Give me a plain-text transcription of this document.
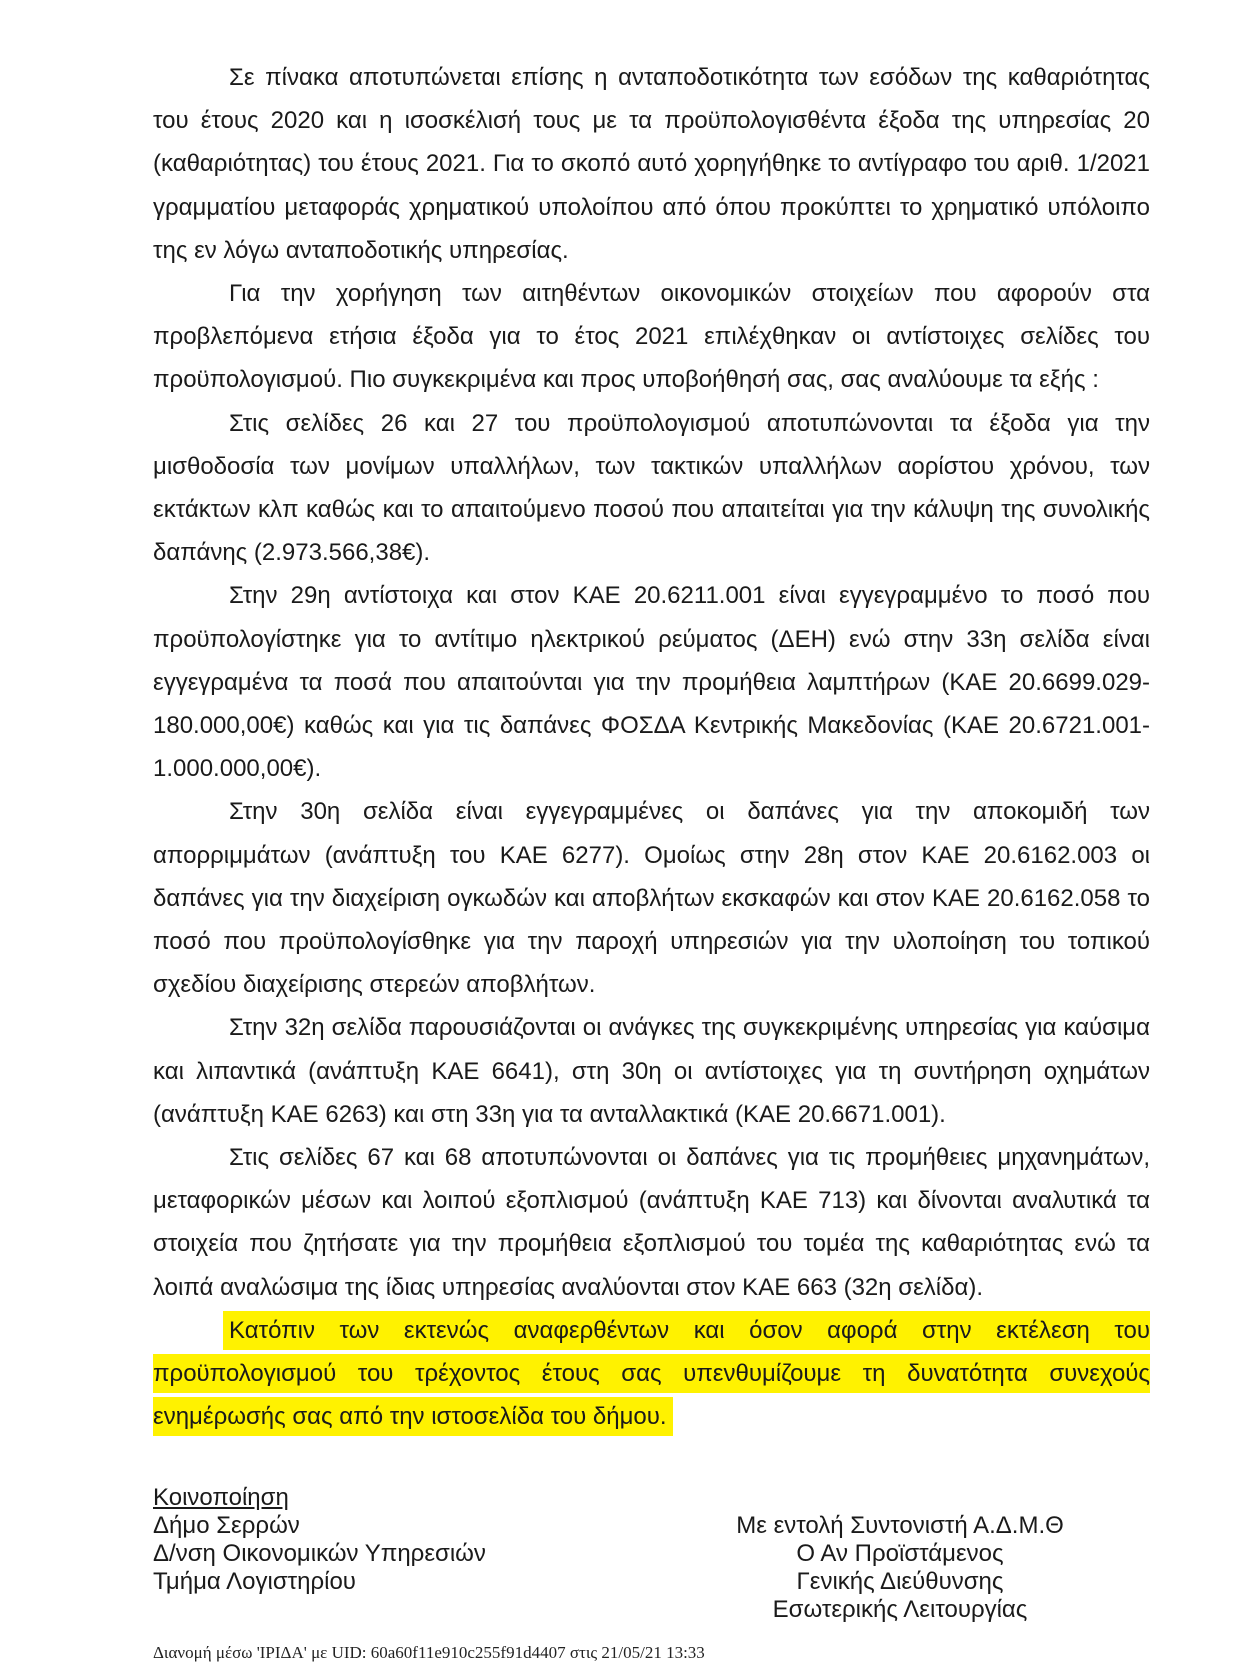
Σε πίνακα αποτυπώνεται επίσης η ανταποδοτικότητα των εσόδων της καθαριότητας του έτους 2020 και η ισοσκέλισή τους με τα προϋπολογισθέντα έξοδα της υπηρεσίας 20 (καθαριότητας) του έτους 2021. Για το σκοπό αυτό χορηγήθηκε το αντίγραφο του αριθ. 1/2021 γραμματίου μεταφοράς χρηματικού υπολοίπου από όπου προκύπτει το χρηματικό υπόλοιπο της εν λόγω ανταποδοτικής υπηρεσίας.

Για την χορήγηση των αιτηθέντων οικονομικών στοιχείων που αφορούν στα προβλεπόμενα ετήσια έξοδα για το έτος 2021 επιλέχθηκαν οι αντίστοιχες σελίδες του προϋπολογισμού. Πιο συγκεκριμένα και προς υποβοήθησή σας, σας αναλύουμε τα εξής :

Στις σελίδες 26 και 27 του προϋπολογισμού αποτυπώνονται τα έξοδα για την μισθοδοσία των μονίμων υπαλλήλων, των τακτικών υπαλλήλων αορίστου χρόνου, των εκτάκτων κλπ καθώς και το απαιτούμενο ποσού που απαιτείται για την κάλυψη της συνολικής δαπάνης (2.973.566,38€).

Στην 29η αντίστοιχα και στον ΚΑΕ 20.6211.001 είναι εγγεγραμμένο το ποσό που προϋπολογίστηκε για το αντίτιμο ηλεκτρικού ρεύματος (ΔΕΗ) ενώ στην 33η σελίδα είναι εγγεγραμένα τα ποσά που απαιτούνται για την προμήθεια λαμπτήρων (ΚΑΕ 20.6699.029- 180.000,00€) καθώς και για τις δαπάνες ΦΟΣΔΑ Κεντρικής Μακεδονίας (ΚΑΕ 20.6721.001- 1.000.000,00€).

Στην 30η σελίδα είναι εγγεγραμμένες οι δαπάνες για την αποκομιδή των απορριμμάτων (ανάπτυξη του ΚΑΕ 6277). Ομοίως στην 28η στον ΚΑΕ 20.6162.003 οι δαπάνες για την διαχείριση ογκωδών και αποβλήτων εκσκαφών και στον ΚΑΕ 20.6162.058 το ποσό που προϋπολογίσθηκε για την παροχή υπηρεσιών για την υλοποίηση του τοπικού σχεδίου διαχείρισης στερεών αποβλήτων.

Στην 32η σελίδα παρουσιάζονται οι ανάγκες της συγκεκριμένης υπηρεσίας για καύσιμα και λιπαντικά (ανάπτυξη ΚΑΕ 6641), στη 30η οι αντίστοιχες για τη συντήρηση οχημάτων (ανάπτυξη ΚΑΕ 6263) και στη 33η για τα ανταλλακτικά (ΚΑΕ 20.6671.001).

Στις σελίδες 67 και 68 αποτυπώνονται οι δαπάνες για τις προμήθειες μηχανημάτων, μεταφορικών μέσων και λοιπού εξοπλισμού (ανάπτυξη ΚΑΕ 713) και δίνονται αναλυτικά τα στοιχεία που ζητήσατε για την προμήθεια εξοπλισμού του τομέα της καθαριότητας ενώ τα λοιπά αναλώσιμα της ίδιας υπηρεσίας αναλύονται στον ΚΑΕ 663 (32η σελίδα).

Κατόπιν των εκτενώς αναφερθέντων και όσον αφορά στην εκτέλεση του προϋπολογισμού του τρέχοντος έτους σας υπενθυμίζουμε τη δυνατότητα συνεχούς ενημέρωσής σας από την ιστοσελίδα του δήμου.

Κοινοποίηση
Δήμο Σερρών
Δ/νση Οικονομικών Υπηρεσιών
Τμήμα Λογιστηρίου
Με εντολή Συντονιστή Α.Δ.Μ.Θ
Ο Αν Προϊστάμενος
Γενικής Διεύθυνσης
Εσωτερικής Λειτουργίας
Διανομή μέσω 'ΙΡΙΔΑ' με UID: 60a60f11e910c255f91d4407 στις 21/05/21 13:33
